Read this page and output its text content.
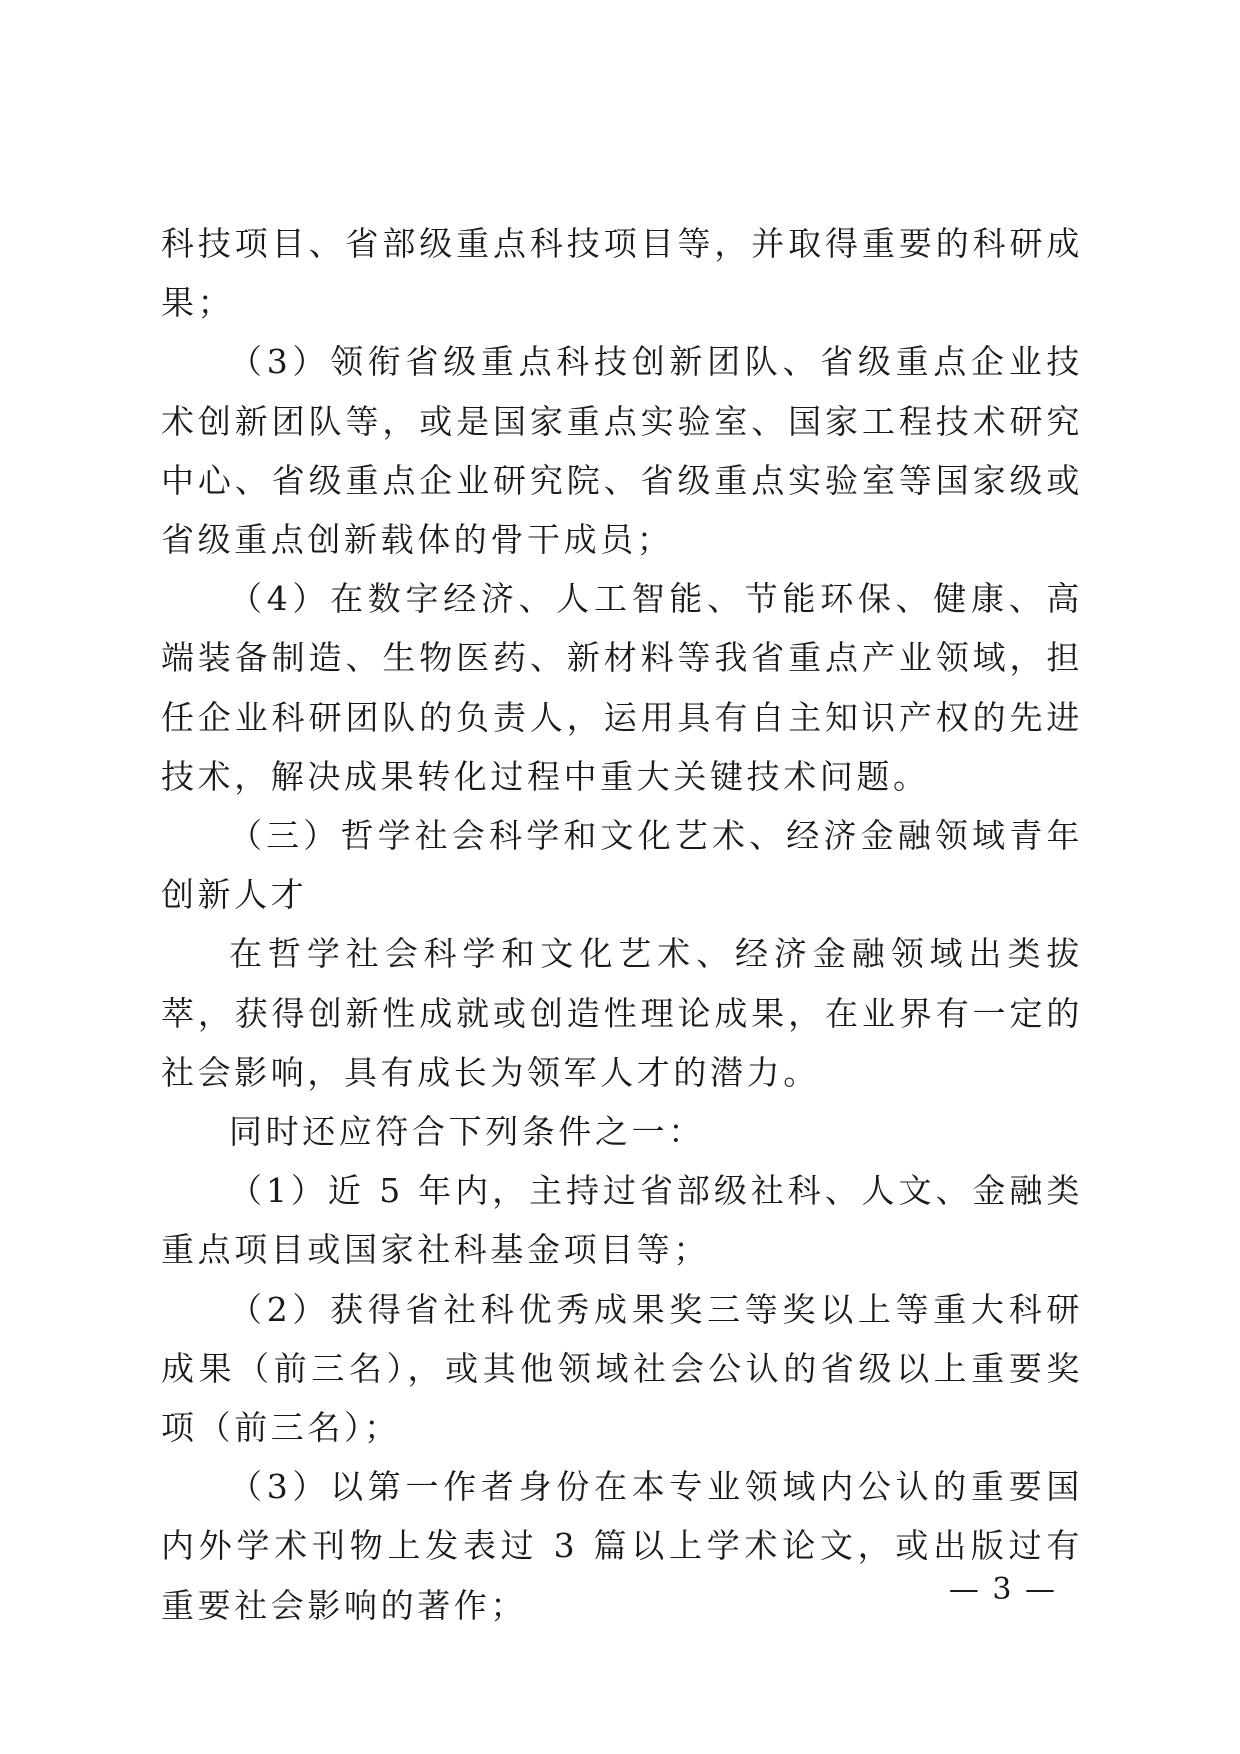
科技项目、省部级重点科技项目等，并取得重要的科研成果；

（3）领衔省级重点科技创新团队、省级重点企业技术创新团队等，或是国家重点实验室、国家工程技术研究中心、省级重点企业研究院、省级重点实验室等国家级或省级重点创新载体的骨干成员；

（4）在数字经济、人工智能、节能环保、健康、高端装备制造、生物医药、新材料等我省重点产业领域，担任企业科研团队的负责人，运用具有自主知识产权的先进技术，解决成果转化过程中重大关键技术问题。

（三）哲学社会科学和文化艺术、经济金融领域青年创新人才

在哲学社会科学和文化艺术、经济金融领域出类拔萃，获得创新性成就或创造性理论成果，在业界有一定的社会影响，具有成长为领军人才的潜力。

同时还应符合下列条件之一：

（1）近 5 年内，主持过省部级社科、人文、金融类重点项目或国家社科基金项目等；

（2）获得省社科优秀成果奖三等奖以上等重大科研成果（前三名），或其他领域社会公认的省级以上重要奖项（前三名）；

（3）以第一作者身份在本专业领域内公认的重要国内外学术刊物上发表过 3 篇以上学术论文，或出版过有重要社会影响的著作；	— 3 —
